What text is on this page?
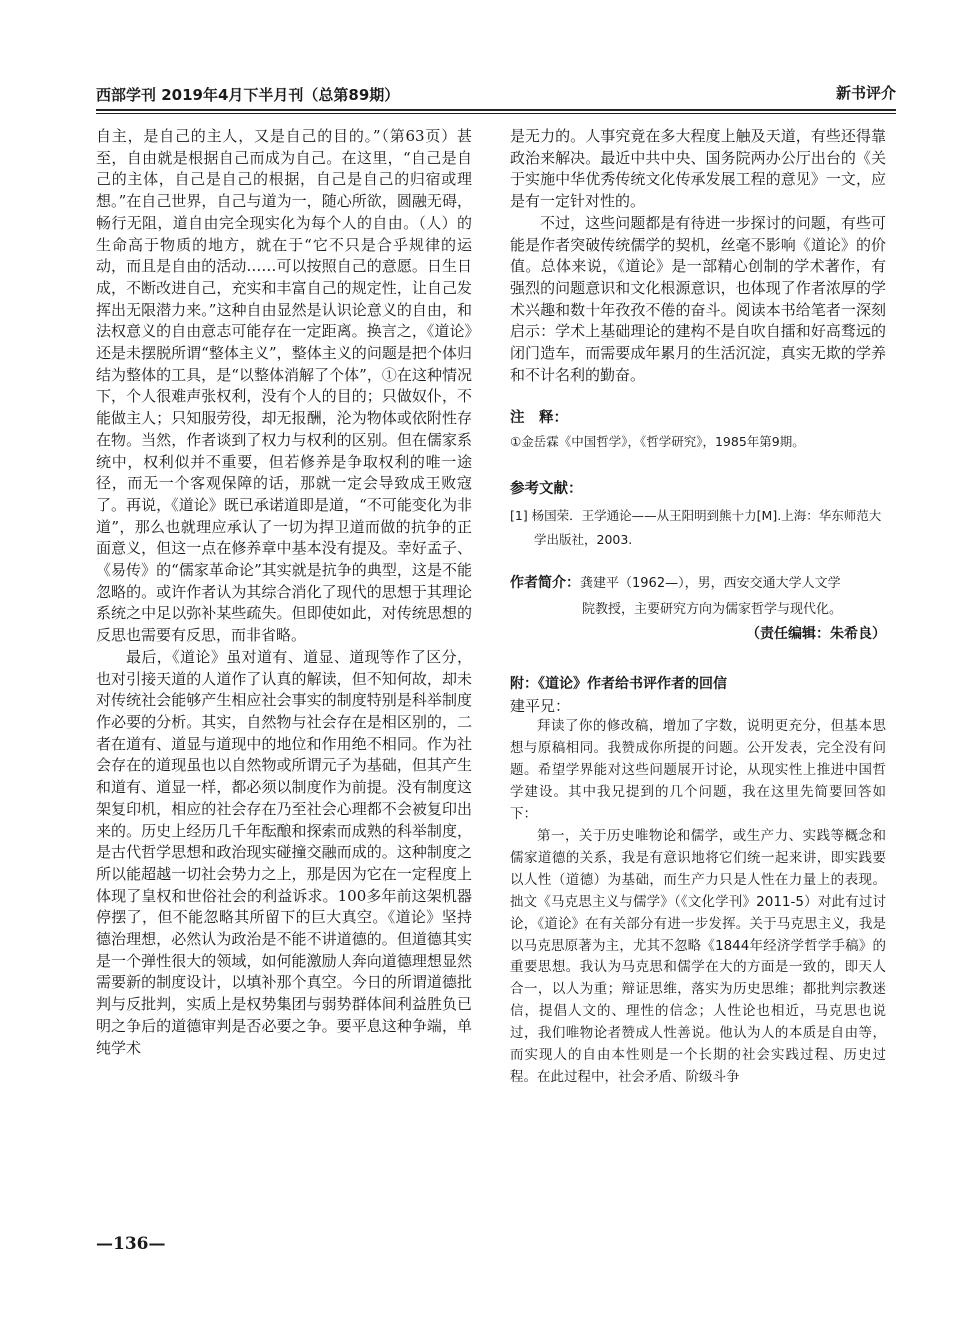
西部学刊 2019年4月下半月刊（总第89期）	新书评介

自主，是自己的主人，又是自己的目的。”（第63页）甚至，自由就是根据自己而成为自己。在这里，“自己是自己的主体，自己是自己的根据，自己是自己的归宿或理想。”在自己世界，自己与道为一，随心所欲，圆融无碍，畅行无阻，道自由完全现实化为每个人的自由。（人）的生命高于物质的地方，就在于“它不只是合乎规律的运动，而且是自由的活动……可以按照自己的意愿。日生日成，不断改进自己，充实和丰富自己的规定性，让自己发挥出无限潜力来。”这种自由显然是认识论意义的自由，和法权意义的自由意志可能存在一定距离。换言之，《道论》还是未摆脱所谓“整体主义”，整体主义的问题是把个体归结为整体的工具，是“以整体消解了个体”，①在这种情况下，个人很难声张权利，没有个人的目的；只做奴仆，不能做主人；只知服劳役，却无报酬，沦为物体或依附性存在物。当然，作者谈到了权力与权利的区别。但在儒家系统中，权利似并不重要，但若修养是争取权利的唯一途径，而无一个客观保障的话，那就一定会导致成王败寇了。再说，《道论》既已承诺道即是道，“不可能变化为非道”，那么也就理应承认了一切为捍卫道而做的抗争的正面意义，但这一点在修养章中基本没有提及。幸好孟子、《易传》的“儒家革命论”其实就是抗争的典型，这是不能忽略的。或许作者认为其综合消化了现代的思想于其理论系统之中足以弥补某些疏失。但即使如此，对传统思想的反思也需要有反思，而非省略。

最后，《道论》虽对道有、道显、道现等作了区分，也对引接天道的人道作了认真的解读，但不知何故，却未对传统社会能够产生相应社会事实的制度特别是科举制度作必要的分析。其实，自然物与社会存在是相区别的，二者在道有、道显与道现中的地位和作用绝不相同。作为社会存在的道现虽也以自然物或所谓元子为基础，但其产生和道有、道显一样，都必须以制度作为前提。没有制度这架复印机，相应的社会存在乃至社会心理都不会被复印出来的。历史上经历几千年酝酿和探索而成熟的科举制度，是古代哲学思想和政治现实碰撞交融而成的。这种制度之所以能超越一切社会势力之上，那是因为它在一定程度上体现了皇权和世俗社会的利益诉求。100多年前这架机器停摆了，但不能忽略其所留下的巨大真空。《道论》坚持德治理想，必然认为政治是不能不讲道德的。但道德其实是一个弹性很大的领域，如何能激励人奔向道德理想显然需要新的制度设计，以填补那个真空。今日的所谓道德批判与反批判，实质上是权势集团与弱势群体间利益胜负已明之争后的道德审判是否必要之争。要平息这种争端，单纯学术

是无力的。人事究竟在多大程度上触及天道，有些还得靠政治来解决。最近中共中央、国务院两办公厅出台的《关于实施中华优秀传统文化传承发展工程的意见》一文，应是有一定针对性的。

不过，这些问题都是有待进一步探讨的问题，有些可能是作者突破传统儒学的契机，丝毫不影响《道论》的价值。总体来说，《道论》是一部精心创制的学术著作，有强烈的问题意识和文化根源意识，也体现了作者浓厚的学术兴趣和数十年孜孜不倦的奋斗。阅读本书给笔者一深刻启示：学术上基础理论的建构不是自吹自擂和好高骛远的闭门造车，而需要成年累月的生活沉淀，真实无欺的学养和不计名利的勤奋。

注　释：

①金岳霖《中国哲学》，《哲学研究》，1985年第9期。

参考文献：

[1] 杨国荣．王学通论——从王阳明到熊十力[M].上海：华东师范大学出版社，2003.

作者简介：龚建平（1962—），男，西安交通大学人文学
院教授，主要研究方向为儒家哲学与现代化。

（责任编辑：朱希良）

附：《道论》作者给书评作者的回信

建平兄：

拜读了你的修改稿，增加了字数，说明更充分，但基本思想与原稿相同。我赞成你所提的问题。公开发表，完全没有问题。希望学界能对这些问题展开讨论，从现实性上推进中国哲学建设。其中我兄提到的几个问题，我在这里先简要回答如下：

第一，关于历史唯物论和儒学，或生产力、实践等概念和儒家道德的关系，我是有意识地将它们统一起来讲，即实践要以人性（道德）为基础，而生产力只是人性在力量上的表现。拙文《马克思主义与儒学》（《文化学刊》2011-5）对此有过讨论，《道论》在有关部分有进一步发挥。关于马克思主义，我是以马克思原著为主，尤其不忽略《1844年经济学哲学手稿》的重要思想。我认为马克思和儒学在大的方面是一致的，即天人合一，以人为重；辩证思维，落实为历史思维；都批判宗教迷信，提倡人文的、理性的信念；人性论也相近，马克思也说过，我们唯物论者赞成人性善说。他认为人的本质是自由等，而实现人的自由本性则是一个长期的社会实践过程、历史过程。在此过程中，社会矛盾、阶级斗争

—136—
